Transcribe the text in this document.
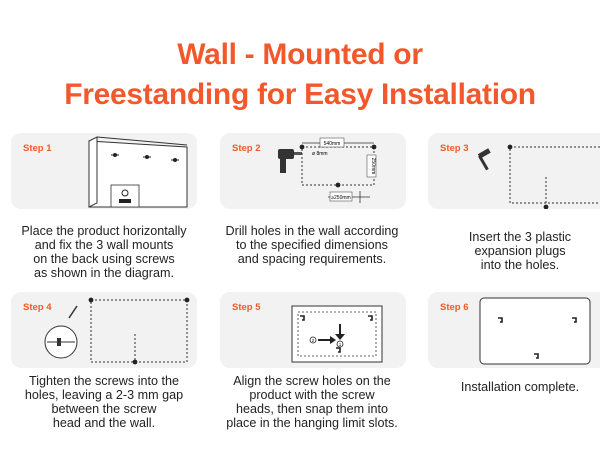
Wall - Mounted or
Freestanding for Easy Installation
Step 1
Place the product horizontally
and fix the 3 wall mounts
on the back using screws
as shown in the diagram.
Step 2	540mm
ø 8mm
250mm
≥250mm
Drill holes in the wall according
to the specified dimensions
and spacing requirements.
Step 3
Insert the 3 plastic
expansion plugs
into the holes.
Step 4
Tighten the screws into the
holes, leaving a 2-3 mm gap
between the screw
head and the wall.
Step 5
2
1
Align the screw holes on the
product with the screw
heads, then snap them into
place in the hanging limit slots.
Step 6
Installation complete.
